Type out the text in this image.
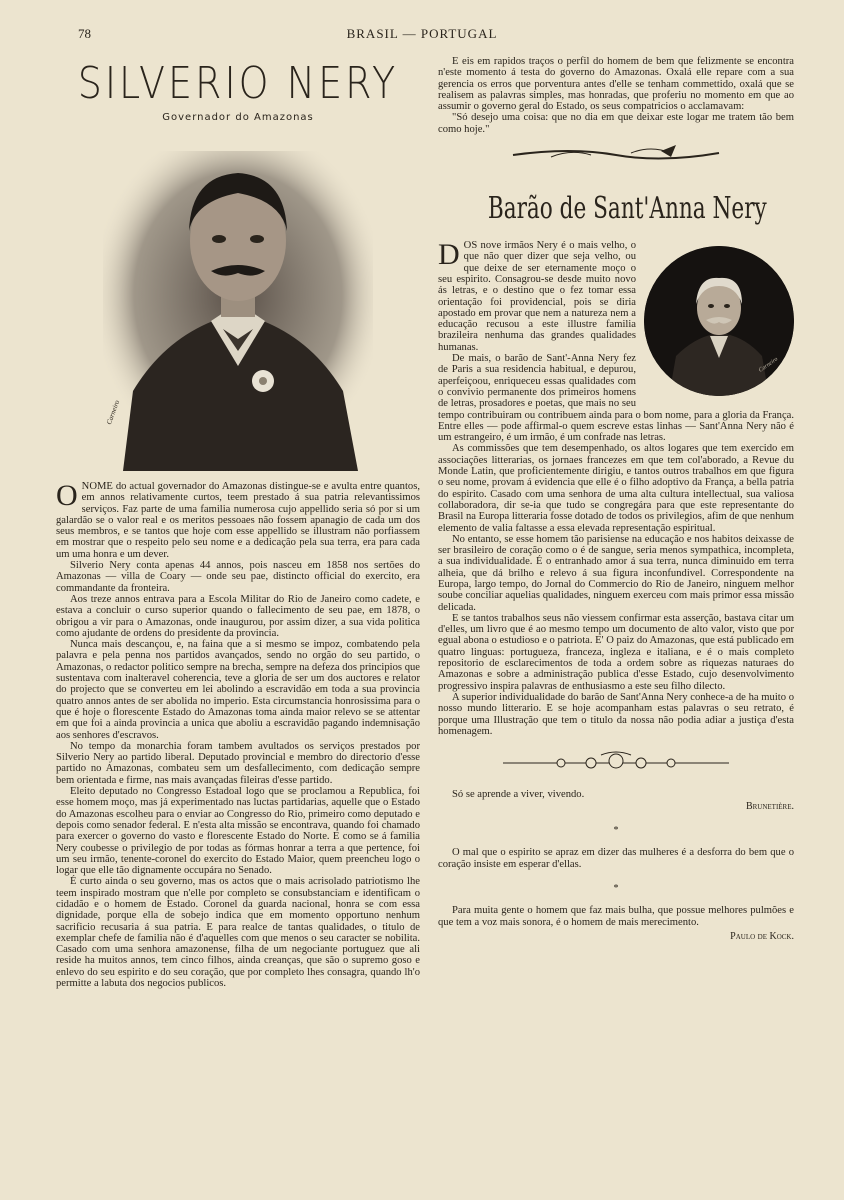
78	BRASIL — PORTUGAL
SILVERIO NERY
Governador do Amazonas
Carneiro

ONOME do actual governador do Amazonas distingue-se e avulta entre quantos, em annos relativamente curtos, teem prestado á sua patria relevantissimos serviços. Faz parte de uma familia numerosa cujo appellido seria só por si um galardão se o valor real e os meritos pessoaes não fossem apanagio de cada um dos seus membros, e se tantos que hoje com esse appellido se illustram não porfiassem em mostrar que o respeito pelo seu nome e a dedicação pela sua terra, era para cada um uma honra e um dever.

Silverio Nery conta apenas 44 annos, pois nasceu em 1858 nos sertões do Amazonas — villa de Coary — onde seu pae, distincto official do exercito, era commandante da fronteira.

Aos treze annos entrava para a Escola Militar do Rio de Janeiro como cadete, e estava a concluir o curso superior quando o fallecimento de seu pae, em 1878, o obrigou a vir para o Amazonas, onde inaugurou, por assim dizer, a sua vida politica como ajudante de ordens do presidente da provincia.

Nunca mais descançou, e, na faina que a si mesmo se impoz, combatendo pela palavra e pela penna nos partidos avançados, sendo no orgão do seu partido, o Amazonas, o redactor politico sempre na brecha, sempre na defeza dos principios que sustentava com inalteravel coherencia, teve a gloria de ser um dos auctores e relator do projecto que se converteu em lei abolindo a escravidão em toda a sua provincia quatro annos antes de ser abolida no imperio. Esta circumstancia honrosissima para o que é hoje o florescente Estado do Amazonas toma ainda maior relevo se se attentar em que foi a ainda provincia a unica que aboliu a escravidão pagando indemnisação aos senhores d'escravos.

No tempo da monarchia foram tambem avultados os serviços prestados por Silverio Nery ao partido liberal. Deputado provincial e membro do directorio d'esse partido no Amazonas, combateu sem um desfallecimento, com dedicação sempre bem orientada e firme, nas mais avançadas fileiras d'esse partido.

Eleito deputado no Congresso Estadoal logo que se proclamou a Republica, foi esse homem moço, mas já experimentado nas luctas partidarias, aquelle que o Estado do Amazonas escolheu para o enviar ao Congresso do Rio, primeiro como deputado e depois como senador federal. E n'esta alta missão se encontrava, quando foi chamado para exercer o governo do vasto e florescente Estado do Norte. E como se á familia Nery coubesse o privilegio de por todas as fórmas honrar a terra a que pertence, foi um seu irmão, tenente-coronel do exercito do Estado Maior, quem preencheu logo o logar que elle tão dignamente occupára no Senado.

É curto ainda o seu governo, mas os actos que o mais acrisolado patriotismo lhe teem inspirado mostram que n'elle por completo se consubstanciam e identificam o cidadão e o homem de Estado. Coronel da guarda nacional, honra se com essa dignidade, porque ella de sobejo indica que em momento opportuno nenhum sacrificio recusaria á sua patria. E para realce de tantas qualidades, o titulo de exemplar chefe de familia não é d'aquelles com que menos o seu caracter se nobilita. Casado com uma senhora amazonense, filha de um negociante portuguez que ali reside ha muitos annos, tem cinco filhos, ainda creanças, que são o supremo goso e enlevo do seu espirito e do seu coração, que por completo lhes consagra, quando lh'o permitte a labuta dos negocios publicos.

E eis em rapidos traços o perfil do homem de bem que felizmente se encontra n'este momento á testa do governo do Amazonas. Oxalá elle repare com a sua gerencia os erros que porventura antes d'elle se tenham commettido, oxalá que se realisem as palavras simples, mas honradas, que proferiu no momento em que ao assumir o governo geral do Estado, os seus compatricios o acclamavam:

"Só desejo uma coisa: que no dia em que deixar este logar me tratem tão bem como hoje."

Barão de Sant'Anna Nery
Carneiro

DOS nove irmãos Nery é o mais velho, o que não quer dizer que seja velho, ou que deixe de ser eternamente moço o seu espirito. Consagrou-se desde muito novo ás letras, e o destino que o fez tomar essa orientação foi providencial, pois se diria apostado em provar que nem a natureza nem a educação recusou a este illustre familia brazileira nenhuma das grandes qualidades humanas.

De mais, o barão de Sant'-Anna Nery fez de Paris a sua residencia habitual, e depurou, aperfeiçoou, enriqueceu essas qualidades com o convivio permanente dos primeiros homens de letras, prosadores e poetas, que mais no seu tempo contribuiram ou contribuem ainda para o bom nome, para a gloria da França. Entre elles — pode affirmal-o quem escreve estas linhas — Sant'Anna Nery não é um estrangeiro, é um irmão, é um confrade nas letras.

As commissões que tem desempenhado, os altos logares que tem exercido em associações litterarias, os jornaes francezes em que tem col'aborado, a Revue du Monde Latin, que proficientemente dirigiu, e tantos outros trabalhos em que figura o seu nome, provam á evidencia que elle é o filho adoptivo da França, a bella patria do espirito. Casado com uma senhora de uma alta cultura intellectual, sua valiosa collaboradora, dir se-ia que tudo se congregára para que este representante do Brasil na Europa litteraria fosse dotado de todos os privilegios, afim de que nenhum elemento de valia faltasse a essa elevada representação espiritual.

No entanto, se esse homem tão parisiense na educação e nos habitos deixasse de ser brasileiro de coração como o é de sangue, seria menos sympathica, incompleta, a sua individualidade. É o entranhado amor á sua terra, nunca diminuido em terra alheia, que dá brilho e relevo á sua figura inconfundivel. Correspondente na Europa, largo tempo, do Jornal do Commercio do Rio de Janeiro, ninguem melhor soube conciliar aquelias qualidades, ninguem exerceu com mais primor essa missão delicada.

E se tantos trabalhos seus não viessem confirmar esta asserção, bastava citar um d'elles, um livro que é ao mesmo tempo um documento de alto valor, visto que por egual abona o estudioso e o patriota. E' O paiz do Amazonas, que está publicado em quatro linguas: portugueza, franceza, ingleza e italiana, e é o mais completo repositorio de esclarecimentos de toda a ordem sobre as riquezas naturaes do Amazonas e sobre a administração publica d'esse Estado, cujo desenvolvimento progressivo inspira palavras de enthusiasmo a este seu filho dilecto.

A superior individualidade do barão de Sant'Anna Nery conhece-a de ha muito o nosso mundo litterario. E se hoje acompanham estas palavras o seu retrato, é porque uma Illustração que tem o titulo da nossa não podia adiar a justiça d'esta homenagem.

Só se aprende a viver, vivendo.
Brunetière.
*
O mal que o espirito se apraz em dizer das mulheres é a desforra do bem que o coração insiste em esperar d'ellas.
*
Para muita gente o homem que faz mais bulha, que possue melhores pulmões e que tem a voz mais sonora, é o homem de mais merecimento.
Paulo de Kock.
